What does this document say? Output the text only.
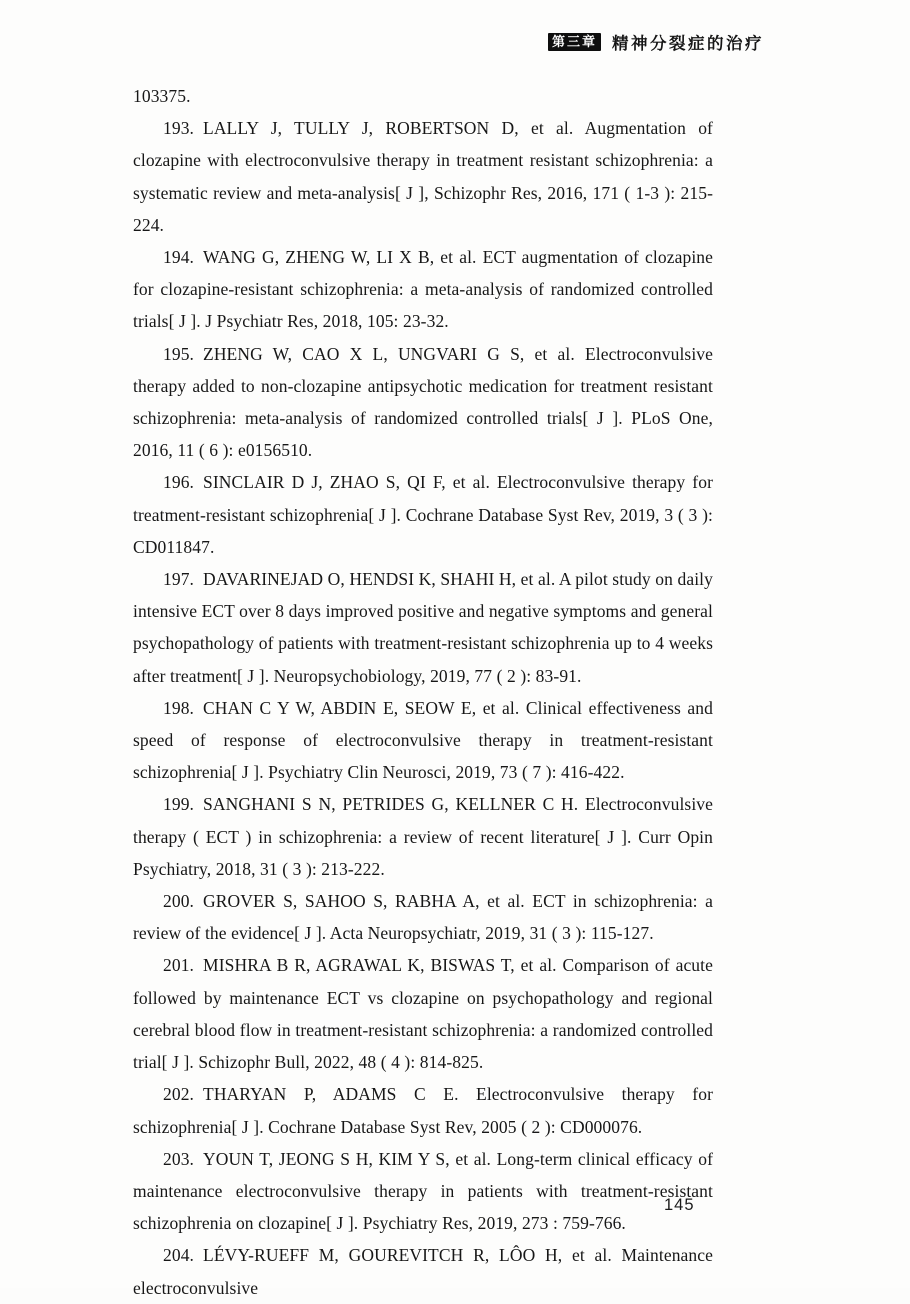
第三章 精神分裂症的治疗

103375.

193. LALLY J, TULLY J, ROBERTSON D, et al. Augmentation of clozapine with electroconvulsive therapy in treatment resistant schizophrenia: a systematic review and meta-analysis[ J ], Schizophr Res, 2016, 171 ( 1-3 ): 215-224.

194. WANG G, ZHENG W, LI X B, et al. ECT augmentation of clozapine for clozapine-resistant schizophrenia: a meta-analysis of randomized controlled trials[ J ]. J Psychiatr Res, 2018, 105: 23-32.

195. ZHENG W, CAO X L, UNGVARI G S, et al. Electroconvulsive therapy added to non-clozapine antipsychotic medication for treatment resistant schizophrenia: meta-analysis of randomized controlled trials[ J ]. PLoS One, 2016, 11 ( 6 ): e0156510.

196. SINCLAIR D J, ZHAO S, QI F, et al. Electroconvulsive therapy for treatment-resistant schizophrenia[ J ]. Cochrane Database Syst Rev, 2019, 3 ( 3 ): CD011847.

197. DAVARINEJAD O, HENDSI K, SHAHI H, et al. A pilot study on daily intensive ECT over 8 days improved positive and negative symptoms and general psychopathology of patients with treatment-resistant schizophrenia up to 4 weeks after treatment[ J ]. Neuropsychobiology, 2019, 77 ( 2 ): 83-91.

198. CHAN C Y W, ABDIN E, SEOW E, et al. Clinical effectiveness and speed of response of electroconvulsive therapy in treatment-resistant schizophrenia[ J ]. Psychiatry Clin Neurosci, 2019, 73 ( 7 ): 416-422.

199. SANGHANI S N, PETRIDES G, KELLNER C H. Electroconvulsive therapy ( ECT ) in schizophrenia: a review of recent literature[ J ]. Curr Opin Psychiatry, 2018, 31 ( 3 ): 213-222.

200. GROVER S, SAHOO S, RABHA A, et al. ECT in schizophrenia: a review of the evidence[ J ]. Acta Neuropsychiatr, 2019, 31 ( 3 ): 115-127.

201. MISHRA B R, AGRAWAL K, BISWAS T, et al. Comparison of acute followed by maintenance ECT vs clozapine on psychopathology and regional cerebral blood flow in treatment-resistant schizophrenia: a randomized controlled trial[ J ]. Schizophr Bull, 2022, 48 ( 4 ): 814-825.

202. THARYAN P, ADAMS C E. Electroconvulsive therapy for schizophrenia[ J ]. Cochrane Database Syst Rev, 2005 ( 2 ): CD000076.

203. YOUN T, JEONG S H, KIM Y S, et al. Long-term clinical efficacy of maintenance electroconvulsive therapy in patients with treatment-resistant schizophrenia on clozapine[ J ]. Psychiatry Res, 2019, 273 : 759-766.

204. LÉVY-RUEFF M, GOUREVITCH R, LÔO H, et al. Maintenance electroconvulsive

145
